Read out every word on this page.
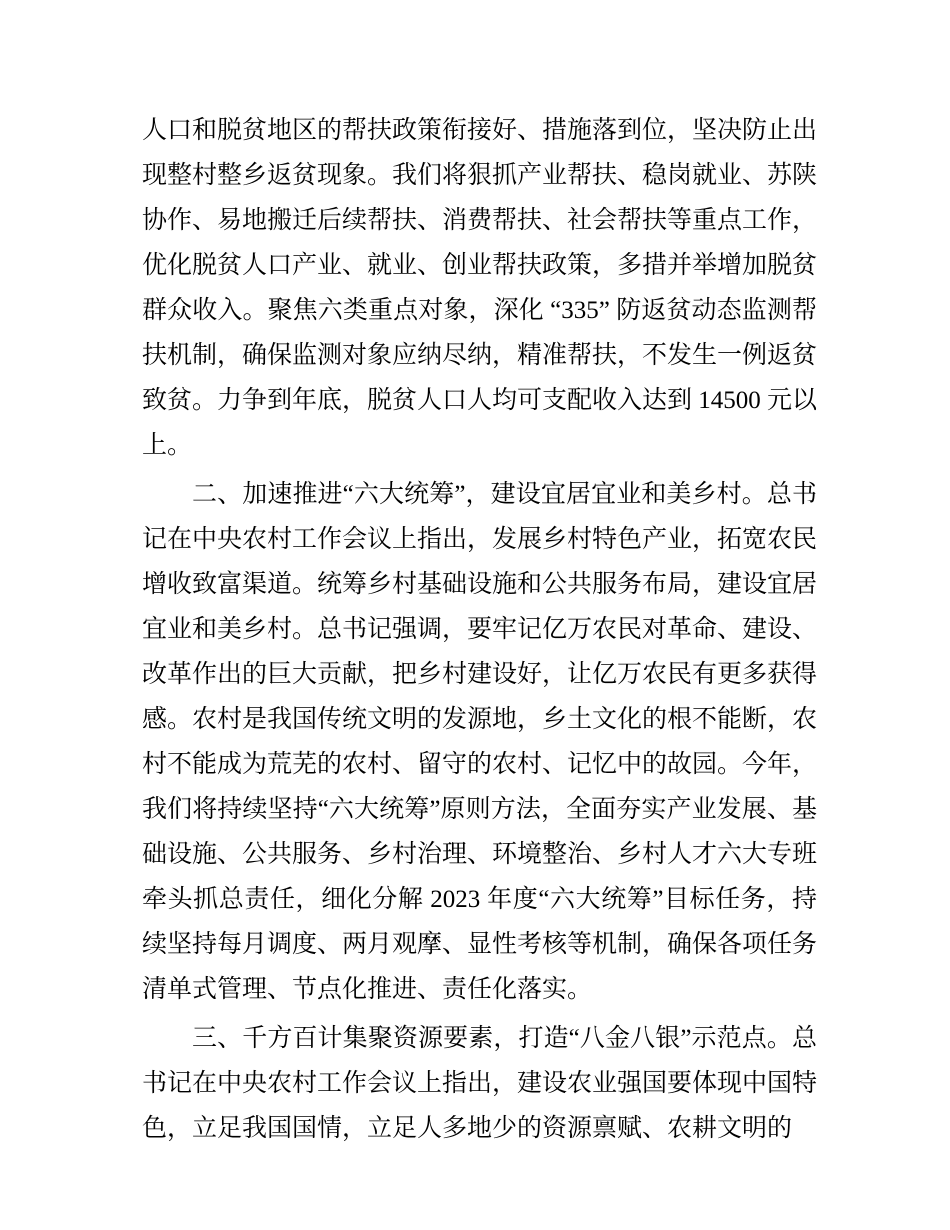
人口和脱贫地区的帮扶政策衔接好、措施落到位，坚决防止出现整村整乡返贫现象。我们将狠抓产业帮扶、稳岗就业、苏陕协作、易地搬迁后续帮扶、消费帮扶、社会帮扶等重点工作，优化脱贫人口产业、就业、创业帮扶政策，多措并举增加脱贫群众收入。聚焦六类重点对象，深化 “335” 防返贫动态监测帮扶机制，确保监测对象应纳尽纳，精准帮扶，不发生一例返贫致贫。力争到年底，脱贫人口人均可支配收入达到 14500 元以上。

二、加速推进“六大统筹”，建设宜居宜业和美乡村。总书记在中央农村工作会议上指出，发展乡村特色产业，拓宽农民增收致富渠道。统筹乡村基础设施和公共服务布局，建设宜居宜业和美乡村。总书记强调，要牢记亿万农民对革命、建设、改革作出的巨大贡献，把乡村建设好，让亿万农民有更多获得感。农村是我国传统文明的发源地，乡土文化的根不能断，农村不能成为荒芜的农村、留守的农村、记忆中的故园。今年，我们将持续坚持“六大统筹”原则方法，全面夯实产业发展、基础设施、公共服务、乡村治理、环境整治、乡村人才六大专班牵头抓总责任，细化分解 2023 年度“六大统筹”目标任务，持续坚持每月调度、两月观摩、显性考核等机制，确保各项任务清单式管理、节点化推进、责任化落实。

三、千方百计集聚资源要素，打造“八金八银”示范点。总书记在中央农村工作会议上指出，建设农业强国要体现中国特色，立足我国国情，立足人多地少的资源禀赋、农耕文明的
